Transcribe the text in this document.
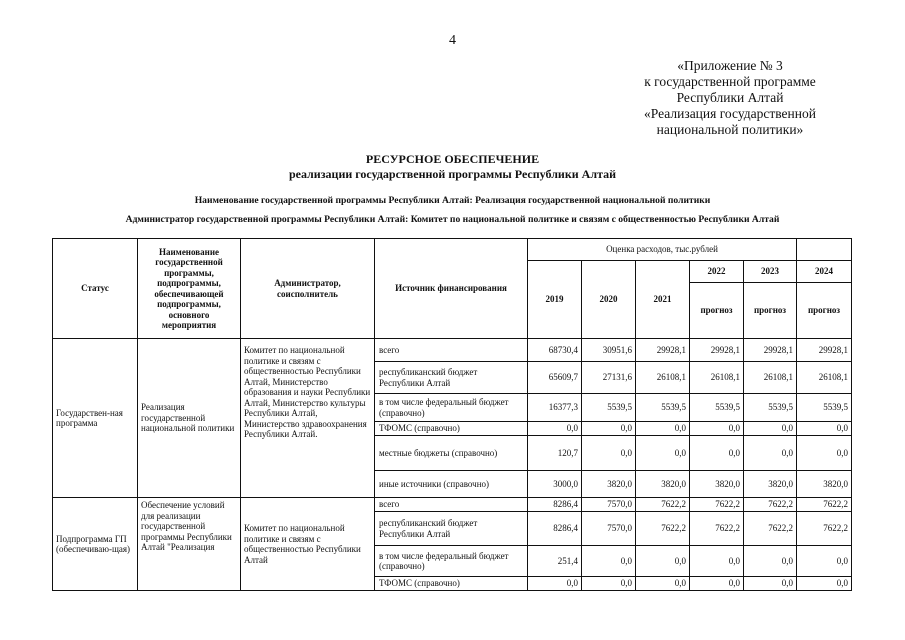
4
«Приложение № 3
к государственной программе
Республики Алтай
«Реализация государственной
национальной политики»
РЕСУРСНОЕ ОБЕСПЕЧЕНИЕ
реализации государственной программы Республики Алтай
Наименование государственной программы Республики Алтай: Реализация государственной национальной политики
Администратор государственной программы Республики Алтай: Комитет по национальной политике и связям с общественностью Республики Алтай
Статус	Наименование государственной программы, подпрограммы, обеспечивающей подпрограммы, основного мероприятия	Администратор, соисполнитель	Источник финансирования	Оценка расходов, тыс.рублей					
				2019	2020	2021	2022	2023	2024
							прогноз	прогноз	прогноз
Государствен-ная программа	Реализация государственной национальной политики	Комитет по национальной политике и связям с общественностью Республики Алтай, Министерство образования и науки Республики Алтай, Министерство культуры Республики Алтай, Министерство здравоохранения Республики Алтай.	всего	68730,4	30951,6	29928,1	29928,1	29928,1	29928,1
			республиканский бюджет Республики Алтай	65609,7	27131,6	26108,1	26108,1	26108,1	26108,1
			в том числе федеральный бюджет (справочно)	16377,3	5539,5	5539,5	5539,5	5539,5	5539,5
			ТФОМС (справочно)	0,0	0,0	0,0	0,0	0,0	0,0
			местные бюджеты (справочно)	120,7	0,0	0,0	0,0	0,0	0,0
			иные источники (справочно)	3000,0	3820,0	3820,0	3820,0	3820,0	3820,0
Подпрограмма ГП (обеспечиваю-щая)	Обеспечение условий для реализации государственной программы Республики Алтай "Реализация	Комитет по национальной политике и связям с общественностью Республики Алтай	всего	8286,4	7570,0	7622,2	7622,2	7622,2	7622,2
			республиканский бюджет Республики Алтай	8286,4	7570,0	7622,2	7622,2	7622,2	7622,2
			в том числе федеральный бюджет (справочно)	251,4	0,0	0,0	0,0	0,0	0,0
			ТФОМС (справочно)	0,0	0,0	0,0	0,0	0,0	0,0
